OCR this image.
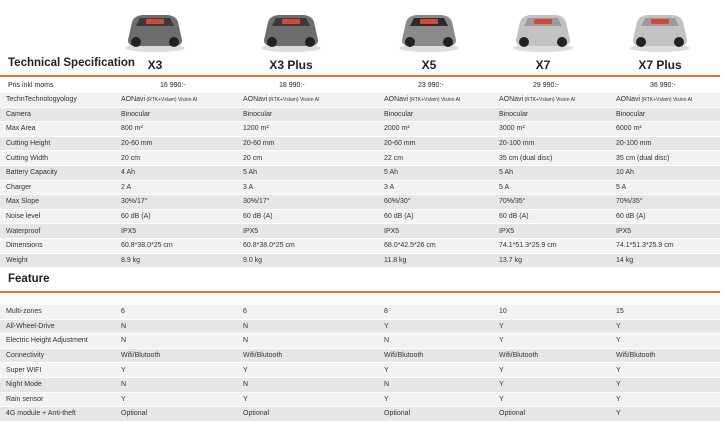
X3	X3 Plus	X5	X7	X7 Plus
Technical Specification
Pris inkl moms	16 990:-	18 990:-	23 990:-	29 990:-	36 990:-
TechnTechnologyology	AONavi (RTK+Vslam) Vision AI	AONavi (RTK+Vslam) Vision AI	AONavi (RTK+Vslam) Vision AI	AONavi (RTK+Vslam) Vision AI	AONavi (RTK+Vslam) Vision AI
Camera	Binocular	Binocular	Binocular	Binocular	Binocular
Max Area	800 m²	1200 m²	2000 m²	3000 m²	6000 m²
Cutting Height	20-60 mm	20-60 mm	20-60 mm	20-100 mm	20-100 mm
Cutting Width	20 cm	20 cm	22 cm	35 cm (dual disc)	35 cm (dual disc)
Battery Capacity	4 Ah	5 Ah	5 Ah	5 Ah	10 Ah
Charger	2 A	3 A	3 A	5 A	5 A
Max Slope	30%/17°	30%/17°	60%/30°	70%/35°	70%/35°
Noise level	60 dB (A)	60 dB (A)	60 dB (A)	60 dB (A)	60 dB (A)
Waterproof	IPX5	IPX5	IPX5	IPX5	IPX5
Dimensions	60.8*38.0*25 cm	60.8*38.0*25 cm	68.0*42.5*26 cm	74.1*51.3*25.9 cm	74.1*51.3*25.9 cm
Weight	8.9 kg	9.0 kg	11.8 kg	13.7 kg	14 kg
Feature
Multi-zones	6	6	8	10	15
All-Wheel-Drive	N	N	Y	Y	Y
Electric Height Adjustment	N	N	N	Y	Y
Connectivity	Wifi/Blutooth	Wifi/Blutooth	Wifi/Blutooth	Wifi/Blutooth	Wifi/Blutooth
Super WIFI	Y	Y	Y	Y	Y
Night Mode	N	N	N	Y	Y
Rain sensor	Y	Y	Y	Y	Y
4G module + Anti-theft	Optional	Optional	Optional	Optional	Y
